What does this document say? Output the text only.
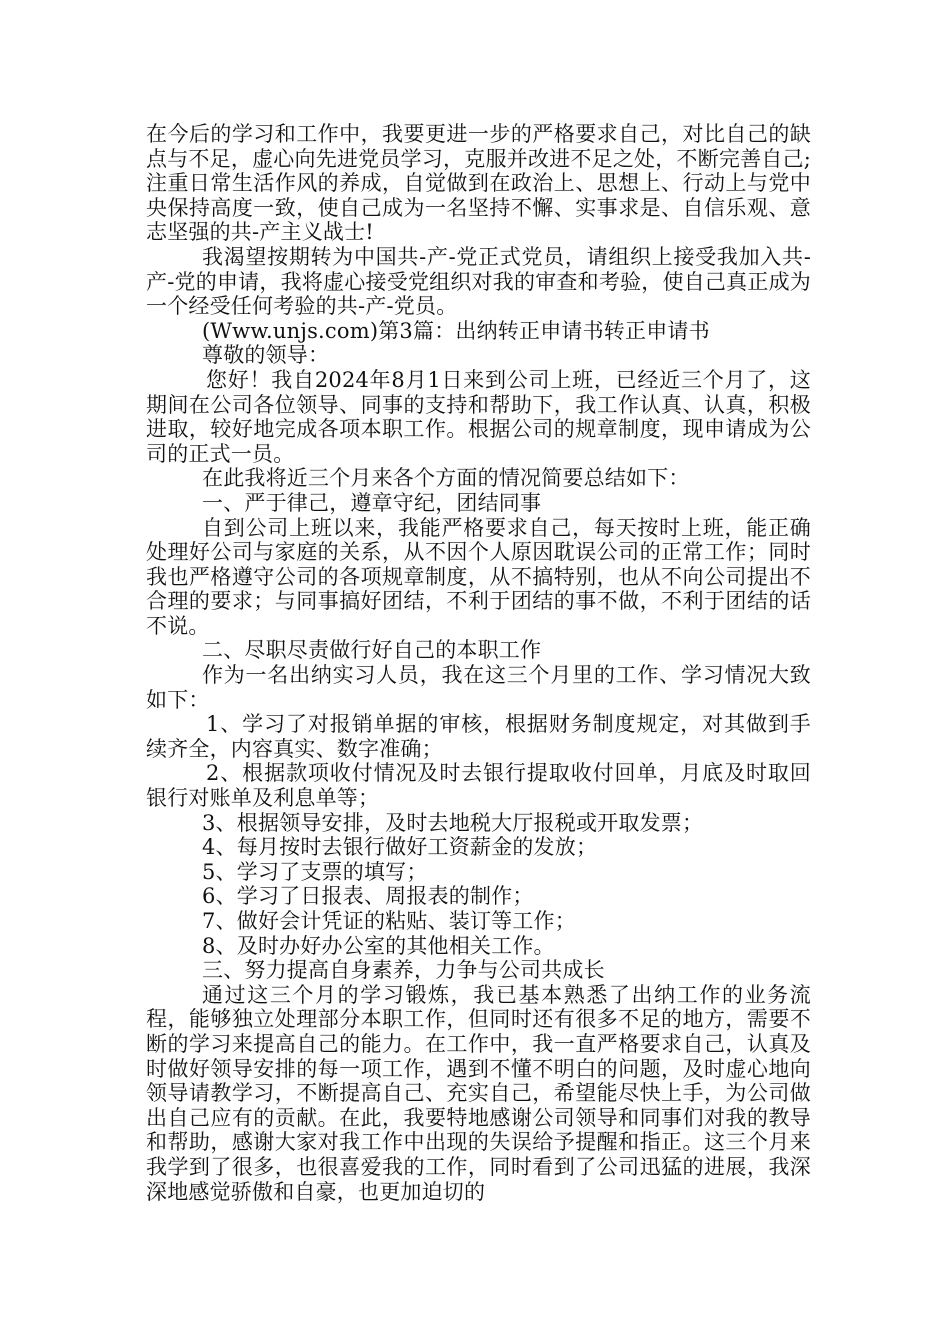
在今后的学习和工作中，我要更进一步的严格要求自己，对比自己的缺点与不足，虚心向先进党员学习，克服并改进不足之处，不断完善自己;注重日常生活作风的养成，自觉做到在政治上、思想上、行动上与党中央保持高度一致，使自己成为一名坚持不懈、实事求是、自信乐观、意志坚强的共-产主义战士!

我渴望按期转为中国共-产-党正式党员，请组织上接受我加入共-产-党的申请，我将虚心接受党组织对我的审查和考验，使自己真正成为一个经受任何考验的共-产-党员。

(Www.unjs.com)第3篇：出纳转正申请书转正申请书

尊敬的领导：

您好！我自2024年8月1日来到公司上班，已经近三个月了，这期间在公司各位领导、同事的支持和帮助下，我工作认真、认真，积极进取，较好地完成各项本职工作。根据公司的规章制度，现申请成为公司的正式一员。

在此我将近三个月来各个方面的情况简要总结如下：

一、严于律己，遵章守纪，团结同事

自到公司上班以来，我能严格要求自己，每天按时上班，能正确处理好公司与家庭的关系，从不因个人原因耽误公司的正常工作；同时我也严格遵守公司的各项规章制度，从不搞特别，也从不向公司提出不合理的要求；与同事搞好团结，不利于团结的事不做，不利于团结的话不说。

二、尽职尽责做行好自己的本职工作

作为一名出纳实习人员，我在这三个月里的工作、学习情况大致如下：

1、学习了对报销单据的审核，根据财务制度规定，对其做到手续齐全，内容真实、数字准确；

2、根据款项收付情况及时去银行提取收付回单，月底及时取回银行对账单及利息单等；

3、根据领导安排，及时去地税大厅报税或开取发票；

4、每月按时去银行做好工资薪金的发放；

5、学习了支票的填写；

6、学习了日报表、周报表的制作；

7、做好会计凭证的粘贴、装订等工作；

8、及时办好办公室的其他相关工作。

三、努力提高自身素养，力争与公司共成长

通过这三个月的学习锻炼，我已基本熟悉了出纳工作的业务流程，能够独立处理部分本职工作，但同时还有很多不足的地方，需要不断的学习来提高自己的能力。在工作中，我一直严格要求自己，认真及时做好领导安排的每一项工作，遇到不懂不明白的问题，及时虚心地向领导请教学习，不断提高自己、充实自己，希望能尽快上手，为公司做出自己应有的贡献。在此，我要特地感谢公司领导和同事们对我的教导和帮助，感谢大家对我工作中出现的失误给予提醒和指正。这三个月来我学到了很多，也很喜爱我的工作，同时看到了公司迅猛的进展，我深深地感觉骄傲和自豪，也更加迫切的
